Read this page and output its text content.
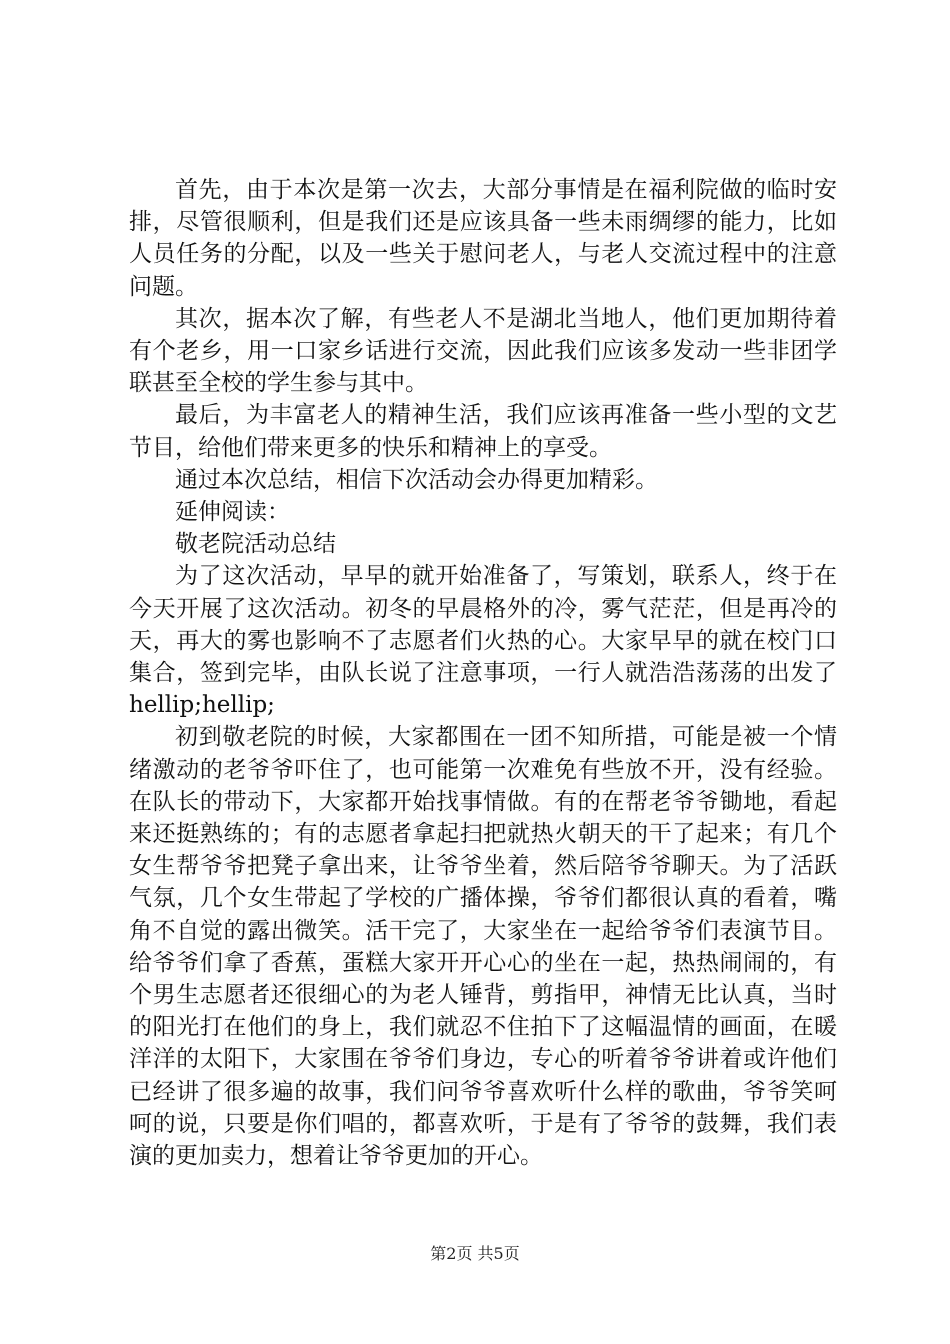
首先，由于本次是第一次去，大部分事情是在福利院做的临时安排，尽管很顺利，但是我们还是应该具备一些未雨绸缪的能力，比如人员任务的分配，以及一些关于慰问老人，与老人交流过程中的注意问题。

其次，据本次了解，有些老人不是湖北当地人，他们更加期待着有个老乡，用一口家乡话进行交流，因此我们应该多发动一些非团学联甚至全校的学生参与其中。

最后，为丰富老人的精神生活，我们应该再准备一些小型的文艺节目，给他们带来更多的快乐和精神上的享受。

通过本次总结，相信下次活动会办得更加精彩。

延伸阅读：

敬老院活动总结

为了这次活动，早早的就开始准备了，写策划，联系人，终于在今天开展了这次活动。初冬的早晨格外的冷，雾气茫茫，但是再冷的天，再大的雾也影响不了志愿者们火热的心。大家早早的就在校门口集合，签到完毕，由队长说了注意事项，一行人就浩浩荡荡的出发了 hellip;hellip;

初到敬老院的时候，大家都围在一团不知所措，可能是被一个情绪激动的老爷爷吓住了，也可能第一次难免有些放不开，没有经验。在队长的带动下，大家都开始找事情做。有的在帮老爷爷锄地，看起来还挺熟练的；有的志愿者拿起扫把就热火朝天的干了起来；有几个女生帮爷爷把凳子拿出来，让爷爷坐着，然后陪爷爷聊天。为了活跃气氛，几个女生带起了学校的广播体操，爷爷们都很认真的看着，嘴角不自觉的露出微笑。活干完了，大家坐在一起给爷爷们表演节目。给爷爷们拿了香蕉，蛋糕大家开开心心的坐在一起，热热闹闹的，有个男生志愿者还很细心的为老人锤背，剪指甲，神情无比认真，当时的阳光打在他们的身上，我们就忍不住拍下了这幅温情的画面，在暖洋洋的太阳下，大家围在爷爷们身边，专心的听着爷爷讲着或许他们已经讲了很多遍的故事，我们问爷爷喜欢听什么样的歌曲，爷爷笑呵呵的说，只要是你们唱的，都喜欢听，于是有了爷爷的鼓舞，我们表演的更加卖力，想着让爷爷更加的开心。

第2页 共5页
